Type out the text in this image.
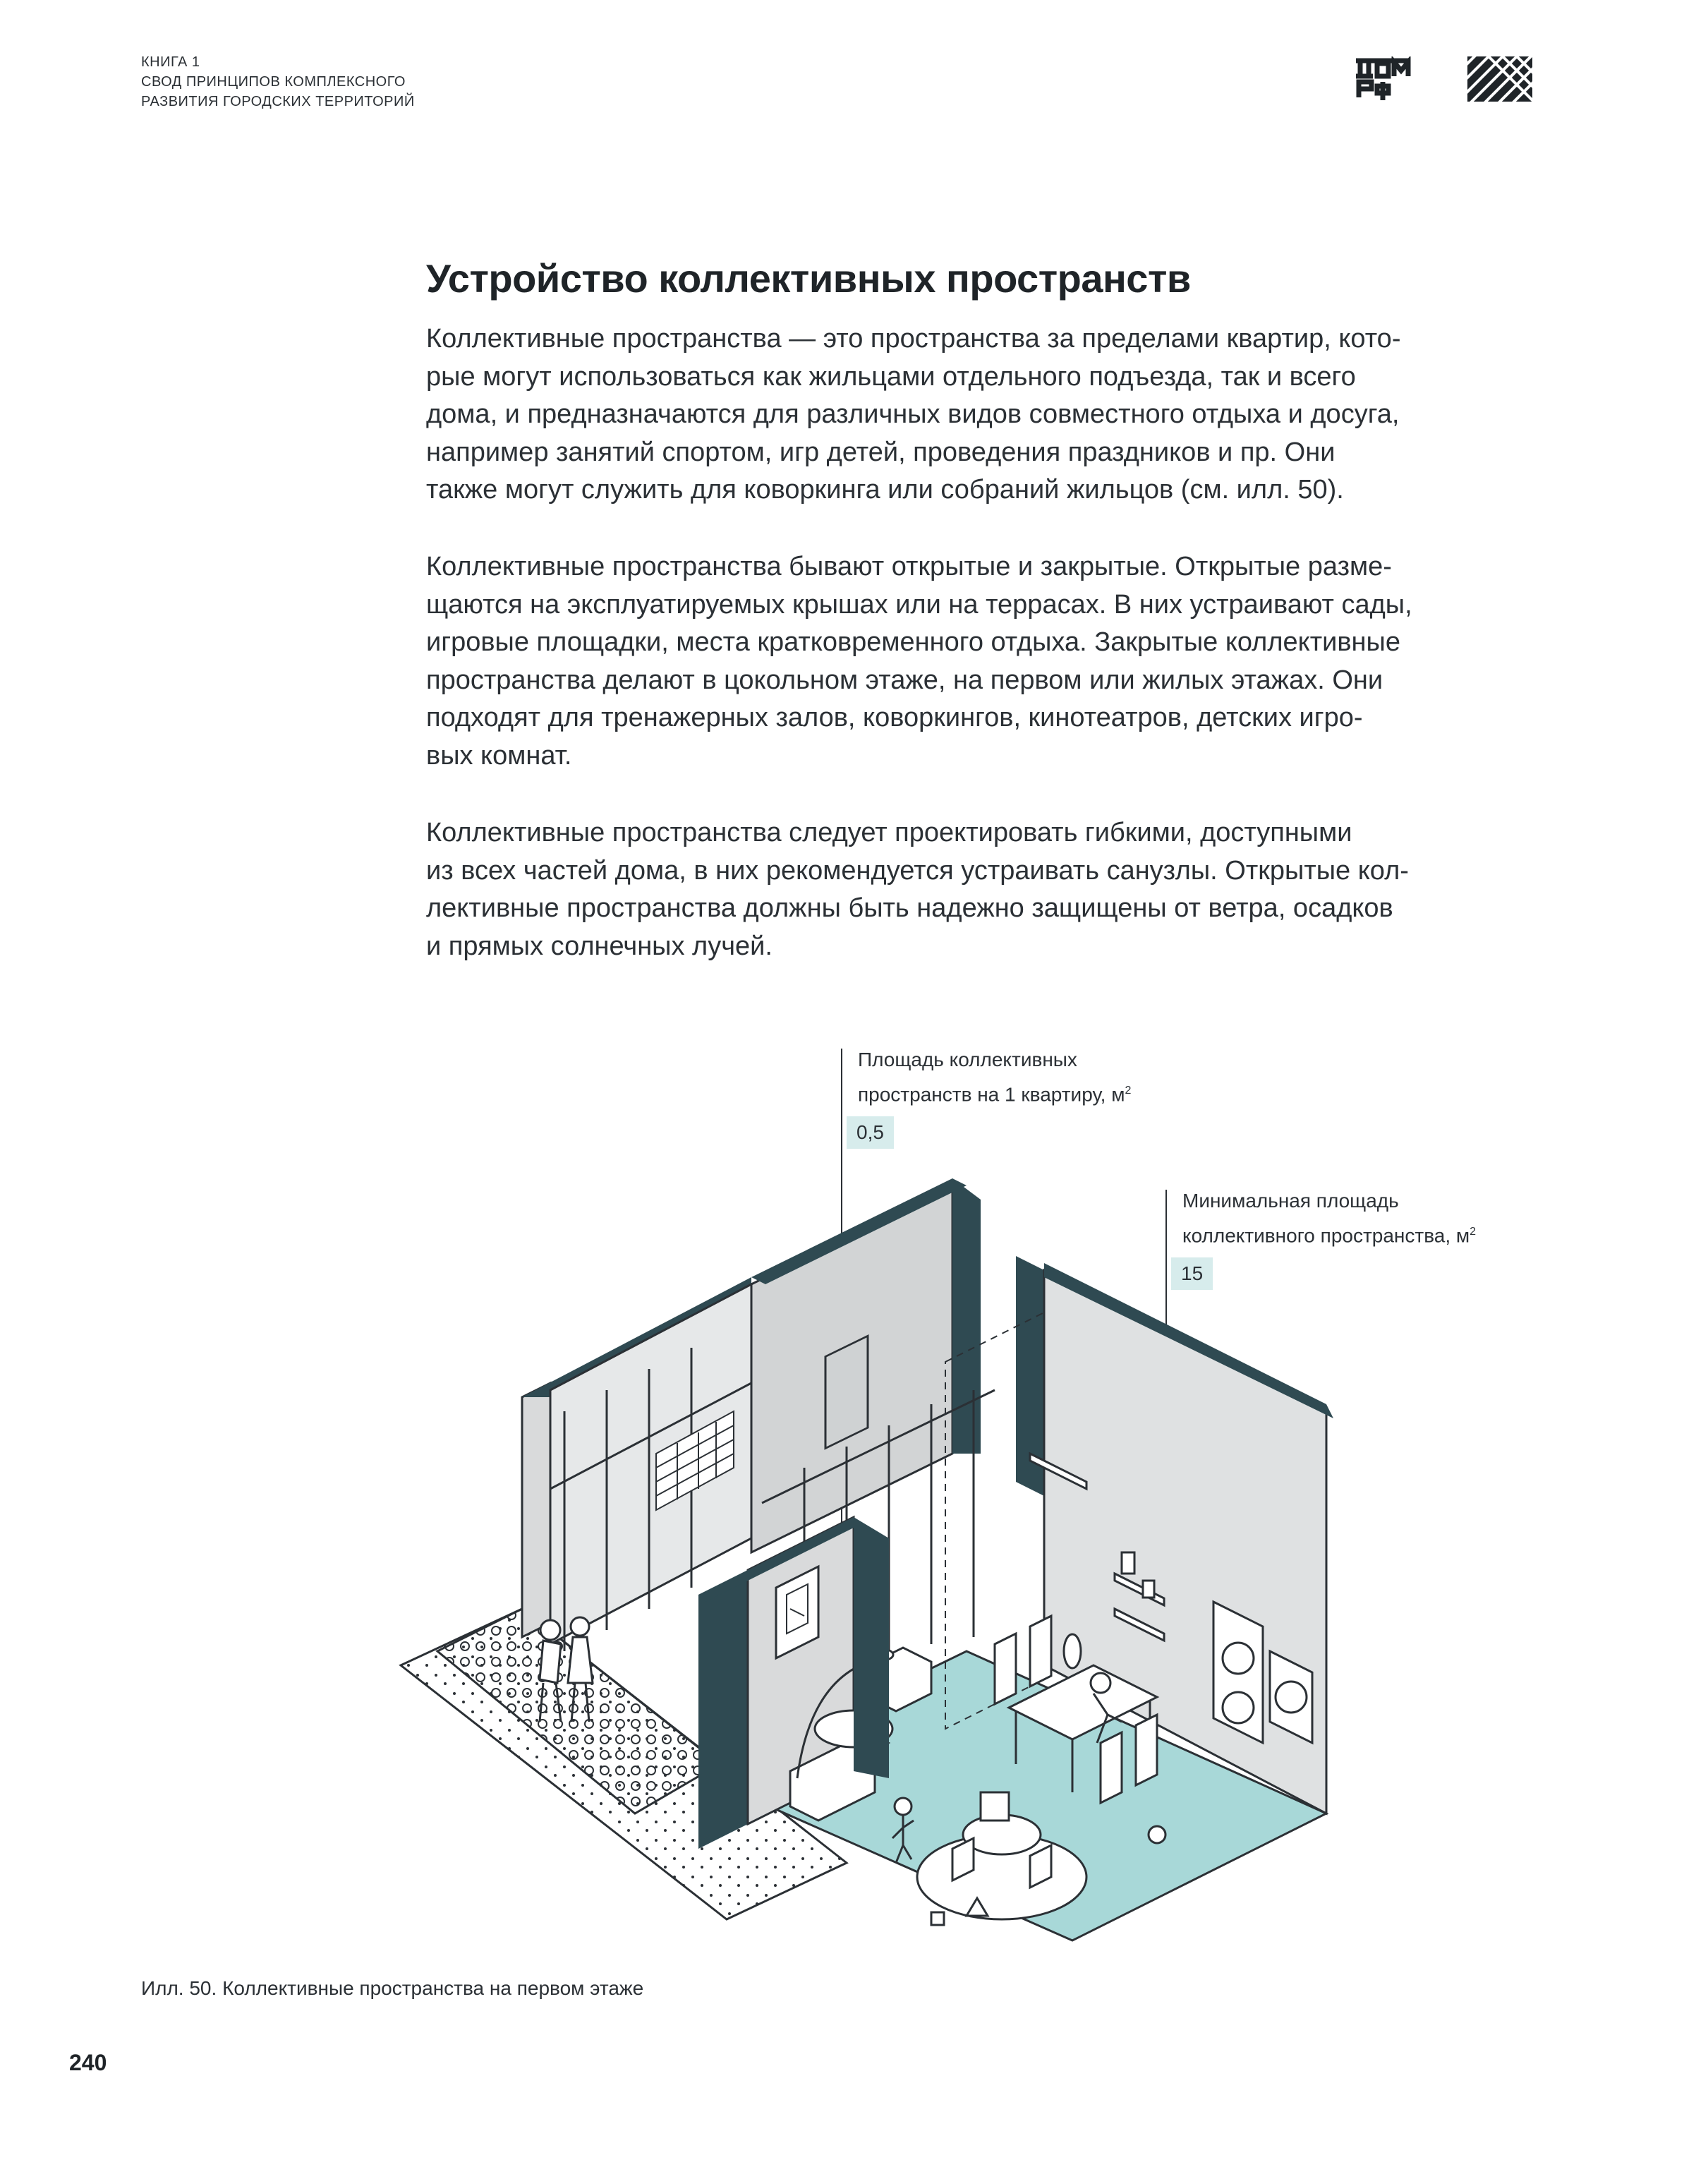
КНИГА 1
СВОД ПРИНЦИПОВ КОМПЛЕКСНОГО
РАЗВИТИЯ ГОРОДСКИХ ТЕРРИТОРИЙ
Устройство коллективных пространств

Коллективные пространства — это пространства за пределами квартир, кото-
рые могут использоваться как жильцами отдельного подъезда, так и всего
дома, и предназначаются для различных видов совместного отдыха и досуга,
например занятий спортом, игр детей, проведения праздников и пр. Они
также могут служить для коворкинга или собраний жильцов (см. илл. 50).

Коллективные пространства бывают открытые и закрытые. Открытые разме-
щаются на эксплуатируемых крышах или на террасах. В них устраивают сады,
игровые площадки, места кратковременного отдыха. Закрытые коллективные
пространства делают в цокольном этаже, на первом или жилых этажах. Они
подходят для тренажерных залов, коворкингов, кинотеатров, детских игро-
вых комнат.

Коллективные пространства следует проектировать гибкими, доступными
из всех частей дома, в них рекомендуется устраивать санузлы. Открытые кол-
лективные пространства должны быть надежно защищены от ветра, осадков
и прямых солнечных лучей.

Площадь коллективных
пространств на 1 квартиру, $м^2$
0,5
Минимальная площадь
коллективного пространства, $м^2$
15
Илл. 50. Коллективные пространства на первом этаже
240
